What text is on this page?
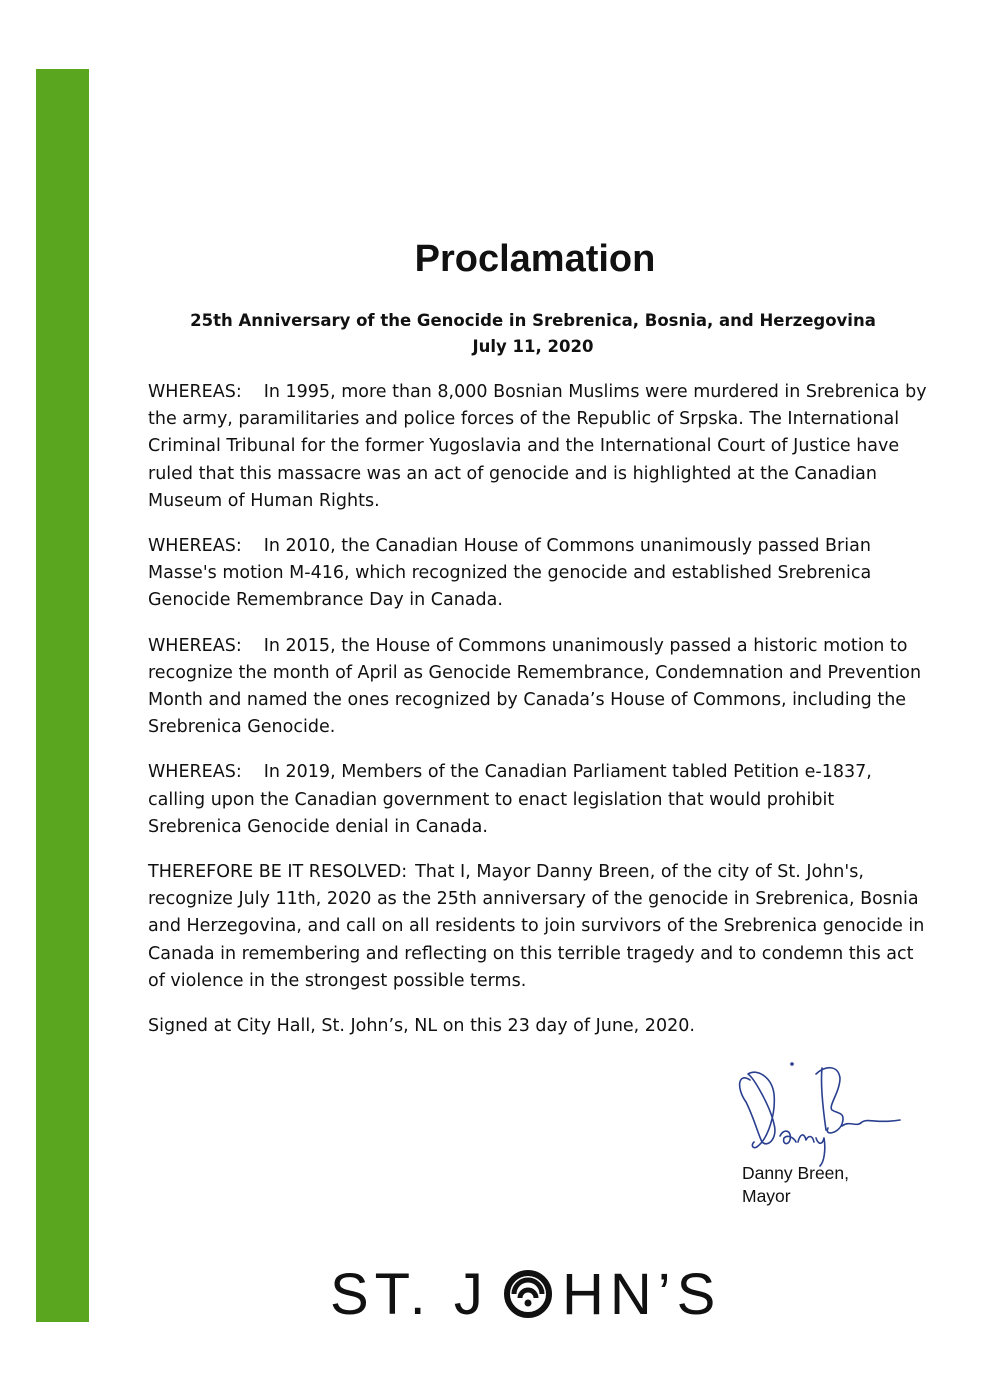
Proclamation
25th Anniversary of the Genocide in Srebrenica, Bosnia, and Herzegovina
July 11, 2020

WHEREAS: In 1995, more than 8,000 Bosnian Muslims were murdered in Srebrenica by the army, paramilitaries and police forces of the Republic of Srpska. The International Criminal Tribunal for the former Yugoslavia and the International Court of Justice have ruled that this massacre was an act of genocide and is highlighted at the Canadian Museum of Human Rights.

WHEREAS: In 2010, the Canadian House of Commons unanimously passed Brian Masse's motion M-416, which recognized the genocide and established Srebrenica Genocide Remembrance Day in Canada.

WHEREAS: In 2015, the House of Commons unanimously passed a historic motion to recognize the month of April as Genocide Remembrance, Condemnation and Prevention Month and named the ones recognized by Canada’s House of Commons, including the Srebrenica Genocide.

WHEREAS: In 2019, Members of the Canadian Parliament tabled Petition e-1837, calling upon the Canadian government to enact legislation that would prohibit Srebrenica Genocide denial in Canada.

THEREFORE BE IT RESOLVED: That I, Mayor Danny Breen, of the city of St. John's, recognize July 11th, 2020 as the 25th anniversary of the genocide in Srebrenica, Bosnia and Herzegovina, and call on all residents to join survivors of the Srebrenica genocide in Canada in remembering and reflecting on this terrible tragedy and to condemn this act of violence in the strongest possible terms.

Signed at City Hall, St. John’s, NL on this 23 day of June, 2020.

Danny Breen,
Mayor
ST. J HN’S
